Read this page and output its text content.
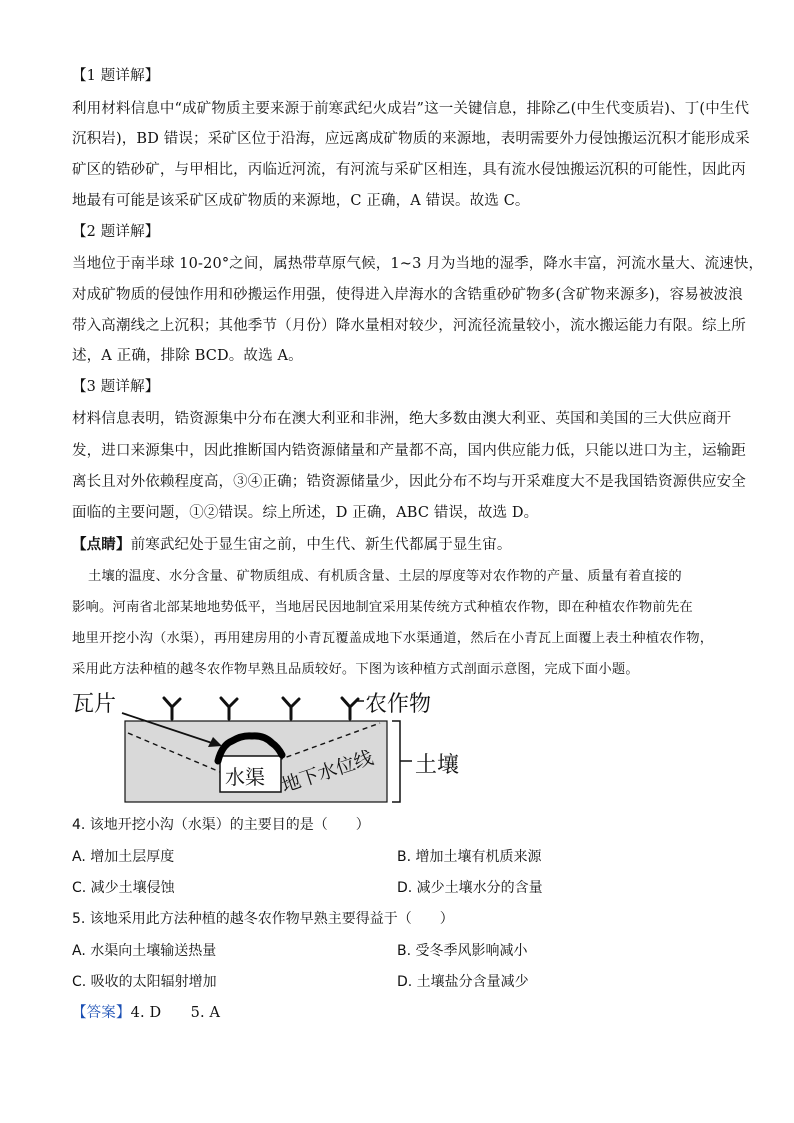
【1 题详解】
利用材料信息中“成矿物质主要来源于前寒武纪火成岩”这一关键信息，排除乙(中生代变质岩)、丁(中生代
沉积岩)，BD 错误；采矿区位于沿海，应远离成矿物质的来源地，表明需要外力侵蚀搬运沉积才能形成采
矿区的锆砂矿，与甲相比，丙临近河流，有河流与采矿区相连，具有流水侵蚀搬运沉积的可能性，因此丙
地最有可能是该采矿区成矿物质的来源地，C 正确，A 错误。故选 C。
【2 题详解】
当地位于南半球 10-20°之间，属热带草原气候，1~3 月为当地的湿季，降水丰富，河流水量大、流速快，
对成矿物质的侵蚀作用和砂搬运作用强，使得进入岸海水的含锆重砂矿物多(含矿物来源多)，容易被波浪
带入高潮线之上沉积；其他季节（月份）降水量相对较少，河流径流量较小，流水搬运能力有限。综上所
述，A 正确，排除 BCD。故选 A。
【3 题详解】
材料信息表明，锆资源集中分布在澳大利亚和非洲，绝大多数由澳大利亚、英国和美国的三大供应商开
发，进口来源集中，因此推断国内锆资源储量和产量都不高，国内供应能力低，只能以进口为主，运输距
离长且对外依赖程度高，③④正确；锆资源储量少，因此分布不均与开采难度大不是我国锆资源供应安全
面临的主要问题，①②错误。综上所述，D 正确，ABC 错误，故选 D。
【点睛】前寒武纪处于显生宙之前，中生代、新生代都属于显生宙。
土壤的温度、水分含量、矿物质组成、有机质含量、土层的厚度等对农作物的产量、质量有着直接的
影响。河南省北部某地地势低平，当地居民因地制宜采用某传统方式种植农作物，即在种植农作物前先在
地里开挖小沟（水渠），再用建房用的小青瓦覆盖成地下水渠通道，然后在小青瓦上面覆上表土种植农作物，
采用此方法种植的越冬农作物早熟且品质较好。下图为该种植方式剖面示意图，完成下面小题。
瓦片	农作物
土壤
水渠 地下水位线
4. 该地开挖小沟（水渠）的主要目的是（　　）
A. 增加土层厚度	B. 增加土壤有机质来源
C. 减少土壤侵蚀	D. 减少土壤水分的含量
5. 该地采用此方法种植的越冬农作物早熟主要得益于（　　）
A. 水渠向土壤输送热量	B. 受冬季风影响减小
C. 吸收的太阳辐射增加	D. 土壤盐分含量减少
【答案】4. D　　5. A
